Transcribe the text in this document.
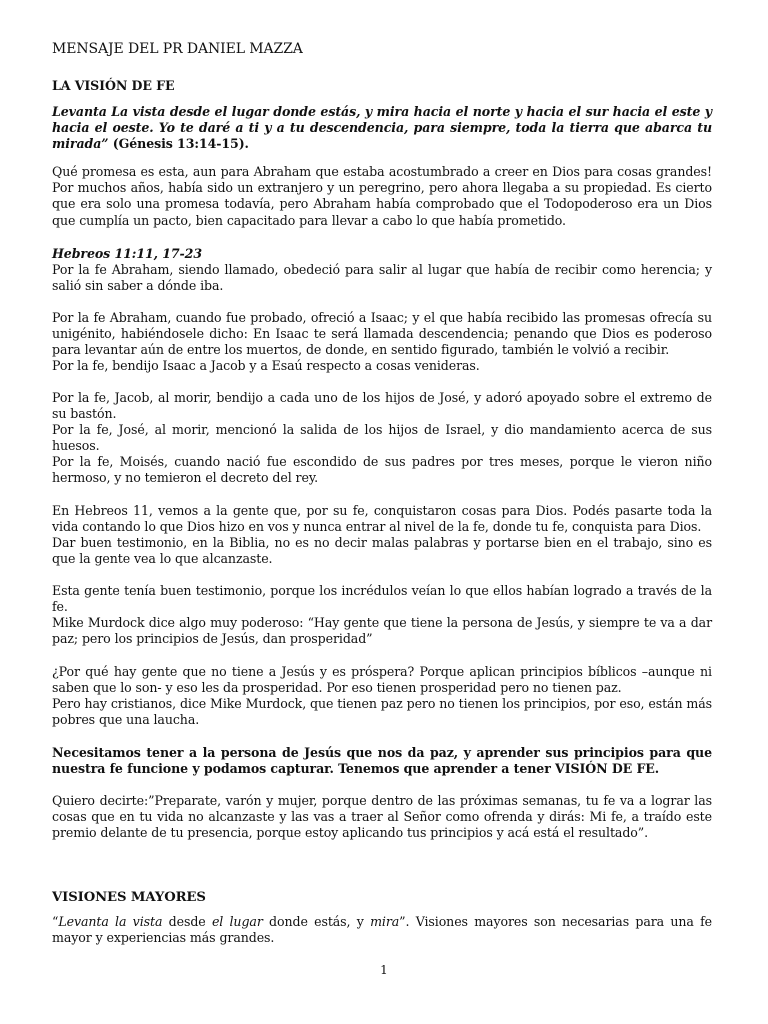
MENSAJE DEL PR DANIEL MAZZA

LA VISIÓN DE FE

Levanta La vista desde el lugar donde estás, y mira hacia el norte y hacia el sur hacia el este y hacia el oeste. Yo te daré a ti y a tu descendencia, para siempre, toda la tierra que abarca tu mirada” (Génesis 13:14-15).

Qué promesa es esta, aun para Abraham que estaba acostumbrado a creer en Dios para cosas grandes! Por muchos años, había sido un extranjero y un peregrino, pero ahora llegaba a su propiedad. Es cierto que era solo una promesa todavía, pero Abraham había comprobado que el Todopoderoso era un Dios que cumplía un pacto, bien capacitado para llevar a cabo lo que había prometido.

Hebreos 11:11, 17-23

Por la fe Abraham, siendo llamado, obedeció para salir al lugar que había de recibir como herencia; y salió sin saber a dónde iba.

Por la fe Abraham, cuando fue probado, ofreció a Isaac; y el que había recibido las promesas ofrecía su unigénito, habiéndosele dicho: En Isaac te será llamada descendencia; penando que Dios es poderoso para levantar aún de entre los muertos, de donde, en sentido figurado, también le volvió a recibir.

Por la fe, bendijo Isaac a Jacob y a Esaú respecto a cosas venideras.

Por la fe, Jacob, al morir, bendijo a cada uno de los hijos de José, y adoró apoyado sobre el extremo de su bastón.

Por la fe, José, al morir, mencionó la salida de los hijos de Israel, y dio mandamiento acerca de sus huesos.

Por la fe, Moisés, cuando nació fue escondido de sus padres por tres meses, porque le vieron niño hermoso, y no temieron el decreto del rey.

En Hebreos 11, vemos a la gente que, por su fe, conquistaron cosas para Dios. Podés pasarte toda la vida contando lo que Dios hizo en vos y nunca entrar al nivel de la fe, donde tu fe, conquista para Dios.

Dar buen testimonio, en la Biblia, no es no decir malas palabras y portarse bien en el trabajo, sino es que la gente vea lo que alcanzaste.

Esta gente tenía buen testimonio, porque los incrédulos veían lo que ellos habían logrado a través de la fe.

Mike Murdock dice algo muy poderoso: “Hay gente que tiene la persona de Jesús, y siempre te va a dar paz; pero los principios de Jesús, dan prosperidad”

¿Por qué hay gente que no tiene a Jesús y es próspera? Porque aplican principios bíblicos –aunque ni saben que lo son- y eso les da prosperidad. Por eso tienen prosperidad pero no tienen paz.

Pero hay cristianos, dice Mike Murdock, que tienen paz pero no tienen los principios, por eso, están más pobres que una laucha.

Necesitamos tener a la persona de Jesús que nos da paz, y aprender sus principios para que nuestra fe funcione y podamos capturar. Tenemos que aprender a tener VISIÓN DE FE.

Quiero decirte:”Preparate, varón y mujer, porque dentro de las próximas semanas, tu fe va a lograr las cosas que en tu vida no alcanzaste y las vas a traer al Señor como ofrenda y dirás: Mi fe, a traído este premio delante de tu presencia, porque estoy aplicando tus principios y acá está el resultado”.

VISIONES MAYORES

“Levanta la vista desde el lugar donde estás, y mira”. Visiones mayores son necesarias para una fe mayor y experiencias más grandes.

1
